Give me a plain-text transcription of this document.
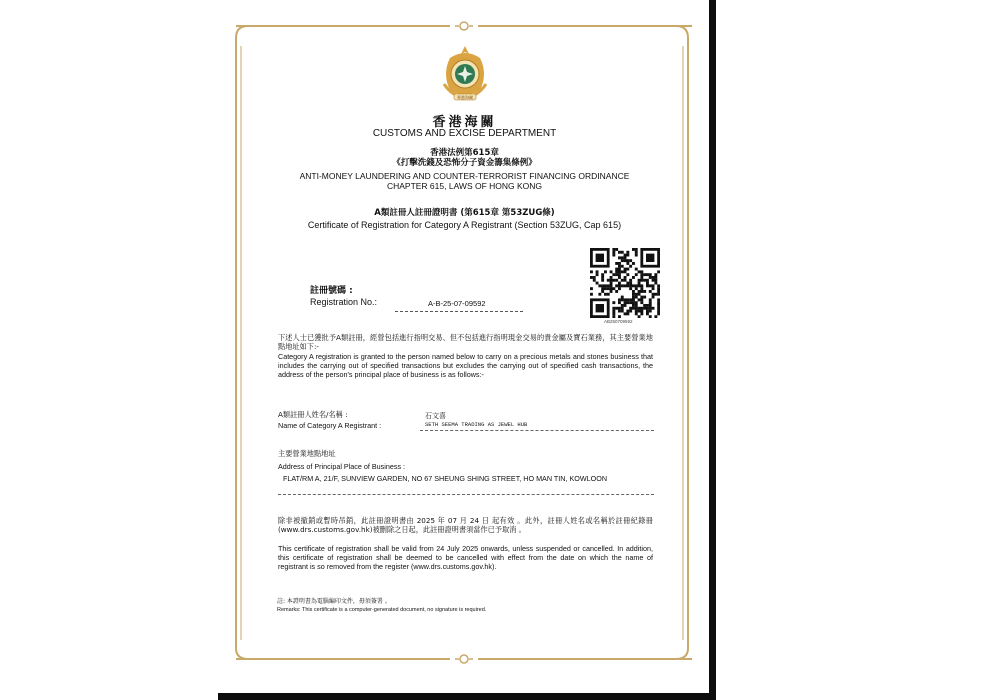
香港海關
香港海關
CUSTOMS AND EXCISE DEPARTMENT
香港法例第615章
《打擊洗錢及恐怖分子資金籌集條例》
ANTI-MONEY LAUNDERING AND COUNTER-TERRORIST FINANCING ORDINANCE
CHAPTER 615, LAWS OF HONG KONG
A類註冊人註冊證明書 (第615章 第53ZUG條)
Certificate of Registration for Category A Registrant (Section 53ZUG, Cap 615)
註冊號碼 :
Registration No.:	A-B-25-07-09592
AB250709592
下述人士已獲批予A類註冊，經營包括進行指明交易、但不包括進行指明現金交易的貴金屬及寶石業務，其主要營業地點地址如下:-
Category A registration is granted to the person named below to carry on a precious metals and stones business that includes the carrying out of specified transactions but excludes the carrying out of specified cash transactions, the address of the person's principal place of business is as follows:-
A類註冊人姓名/名稱 :
Name of Category A Registrant :
石文喜
SETH SEEMA TRADING AS JEWEL HUB
主要營業地點地址
Address of Principal Place of Business :
FLAT/RM A, 21/F, SUNVIEW GARDEN, NO 67 SHEUNG SHING STREET, HO MAN TIN, KOWLOON
除非被撤銷或暫時吊銷，此註冊證明書由 2025 年 07 月 24 日 起有效 。此外，註冊人姓名或名稱於註冊紀錄冊(www.drs.customs.gov.hk)被刪除之日起，此註冊證明書須當作已予取消 。
This certificate of registration shall be valid from 24 July 2025 onwards, unless suspended or cancelled. In addition, this certificate of registration shall be deemed to be cancelled with effect from the date on which the name of registrant is so removed from the register (www.drs.customs.gov.hk).
註: 本證明書為電腦編印文件，毋須簽署 。
Remarks: This certificate is a computer-generated document, no signature is required.
